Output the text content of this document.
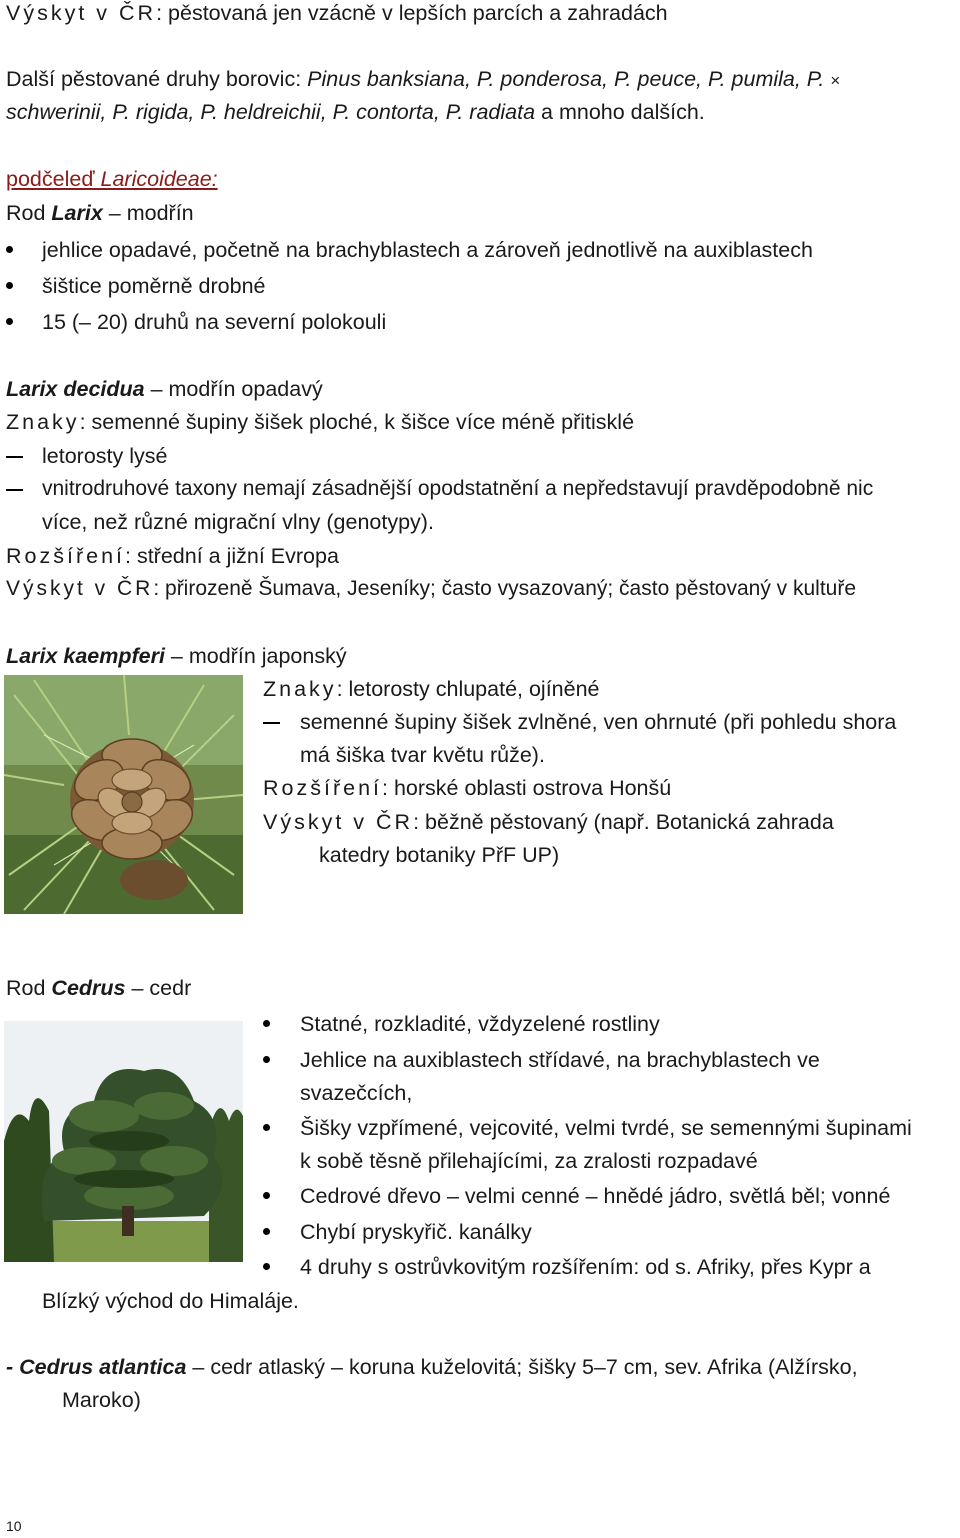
Výskyt v ČR: pěstovaná jen vzácně v lepších parcích a zahradách
Další pěstované druhy borovic: Pinus banksiana, P. ponderosa, P. peuce, P. pumila, P. ×
schwerinii, P. rigida, P. heldreichii, P. contorta, P. radiata a mnoho dalších.
podčeleď Laricoideae:
Rod Larix – modřín
jehlice opadavé, početně na brachyblastech a zároveň jednotlivě na auxiblastech
šištice poměrně drobné
15 (– 20) druhů na severní polokouli
Larix decidua – modřín opadavý
Znaky: semenné šupiny šišek ploché, k šišce více méně přitisklé
letorosty lysé
vnitrodruhové taxony nemají zásadnější opodstatnění a nepředstavují pravděpodobně nic
více, než různé migrační vlny (genotypy).
Rozšíření: střední a jižní Evropa
Výskyt v ČR: přirozeně Šumava, Jeseníky; často vysazovaný; často pěstovaný v kultuře
Larix kaempferi – modřín japonský
Znaky: letorosty chlupaté, ojíněné
semenné šupiny šišek zvlněné, ven ohrnuté (při pohledu shora
má šiška tvar květu růže).
Rozšíření: horské oblasti ostrova Honšú
Výskyt v ČR: běžně pěstovaný (např. Botanická zahrada
katedry botaniky PřF UP)
Rod Cedrus – cedr
Statné, rozkladité, vždyzelené rostliny
Jehlice na auxiblastech střídavé, na brachyblastech ve
svazečcích,
Šišky vzpřímené, vejcovité, velmi tvrdé, se semennými šupinami
k sobě těsně přilehajícími, za zralosti rozpadavé
Cedrové dřevo – velmi cenné – hnědé jádro, světlá běl; vonné
Chybí pryskyřič. kanálky
4 druhy s ostrůvkovitým rozšířením: od s. Afriky, přes Kypr a
Blízký východ do Himaláje.
- Cedrus atlantica – cedr atlaský – koruna kuželovitá; šišky 5–7 cm, sev. Afrika (Alžírsko,
Maroko)
10
